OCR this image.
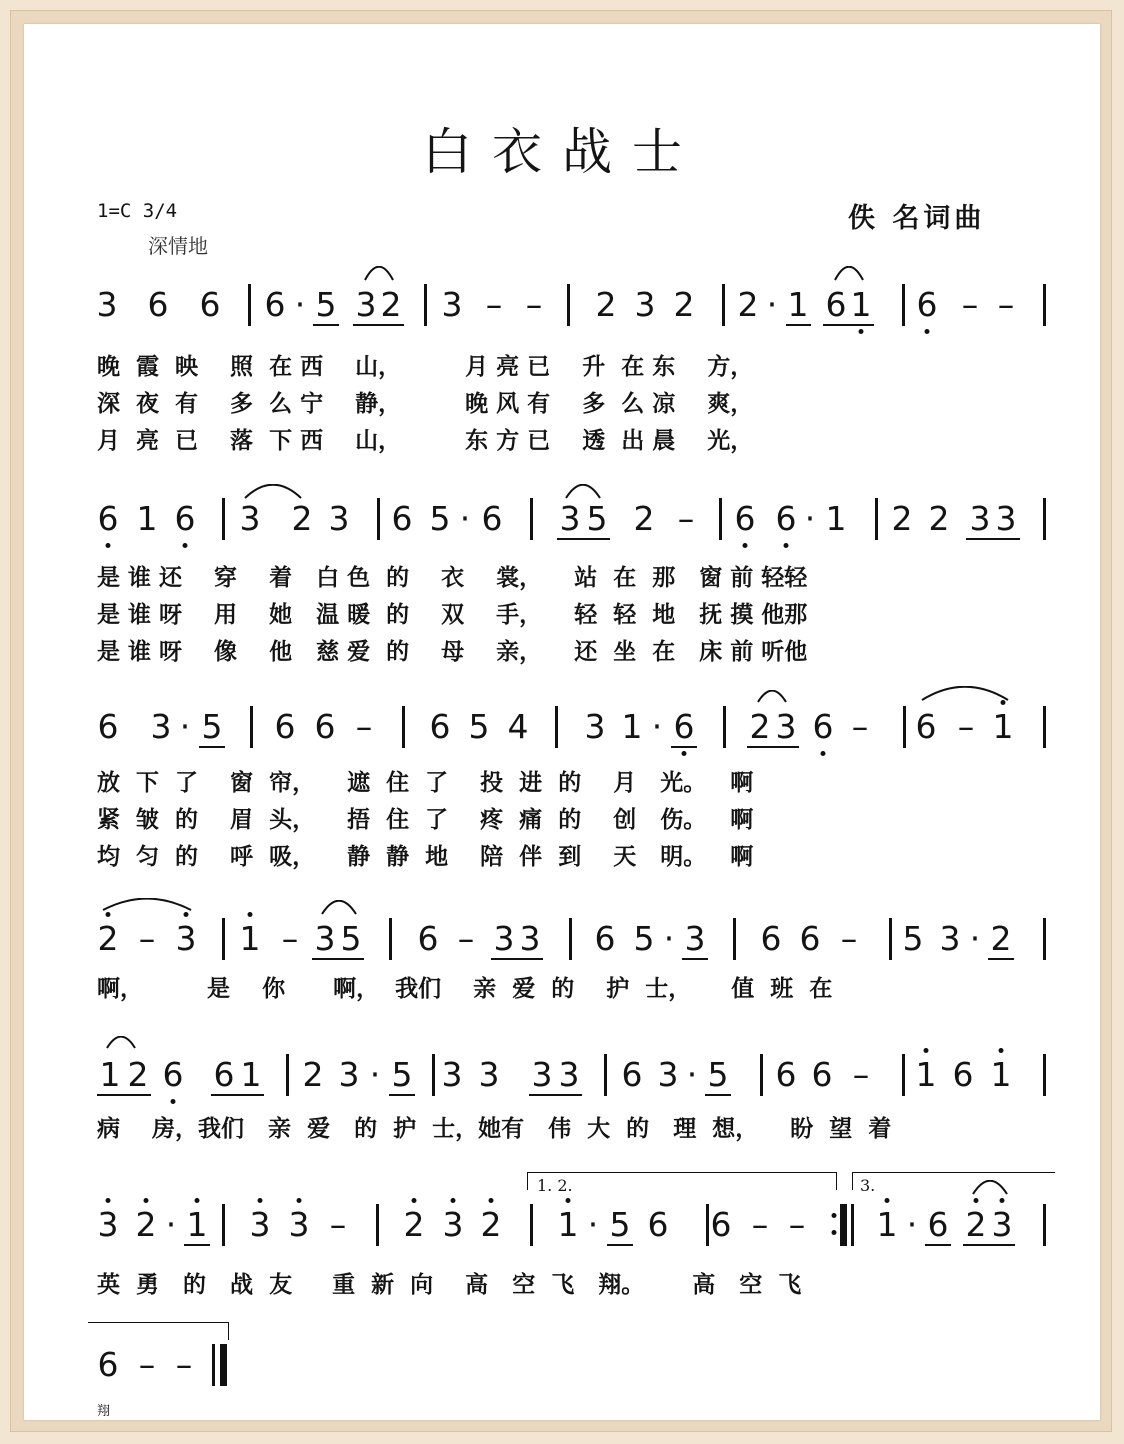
白衣战士
1=C 3/4
深情地
佚 名词曲
3 6 6 6 · 5 3 2 3 – – 2 3 2 2 · 1 6 1 6 – –
晚  霞  映    照  在 西    山，        月 亮 已    升  在 东    方，
深  夜  有    多  么 宁    静，        晚 风 有    多  么 凉    爽，
月  亮  已    落  下 西    山，        东 方 已    透  出 晨    光，
6 1 6 3 2 3 6 5 · 6 3 5 2 – 6 6 · 1 2 2 3 3
是 谁 还    穿    着   白 色  的    衣    裳，    站  在  那   窗 前 轻轻
是 谁 呀    用    她   温 暖  的    双    手，    轻  轻  地   抚 摸 他那
是 谁 呀    像    他   慈 爱  的    母    亲，    还  坐  在   床 前 听他
6 3 · 5 6 6 – 6 5 4 3 1 · 6 2 3 6 – 6 – 1
放  下  了    窗  帘，    遮  住  了    投  进  的    月   光。   啊
紧  皱  的    眉  头，    捂  住  了    疼  痛  的    创   伤。   啊
均  匀  的    呼  吸，    静  静  地    陪  伴  到    天   明。   啊
2 – 3 1 – 3 5 6 – 3 3 6 5 · 3 6 6 – 5 3 · 2
啊，        是    你      啊，  我们    亲  爱  的    护  士，     值  班  在
1 2 6 6 1 2 3 · 5 3 3 3 3 6 3 · 5 6 6 – 1 6 1
病    房，我们   亲  爱   的  护  士，她有   伟  大  的   理  想，    盼  望  着
3 2 · 1 3 3 – 2 3 2 1 · 5 6 6 – – 1 · 6 2 3
英  勇   的   战  友     重  新  向    高   空  飞   翔。      高   空  飞
6 – –
1. 2.	3.
翔
